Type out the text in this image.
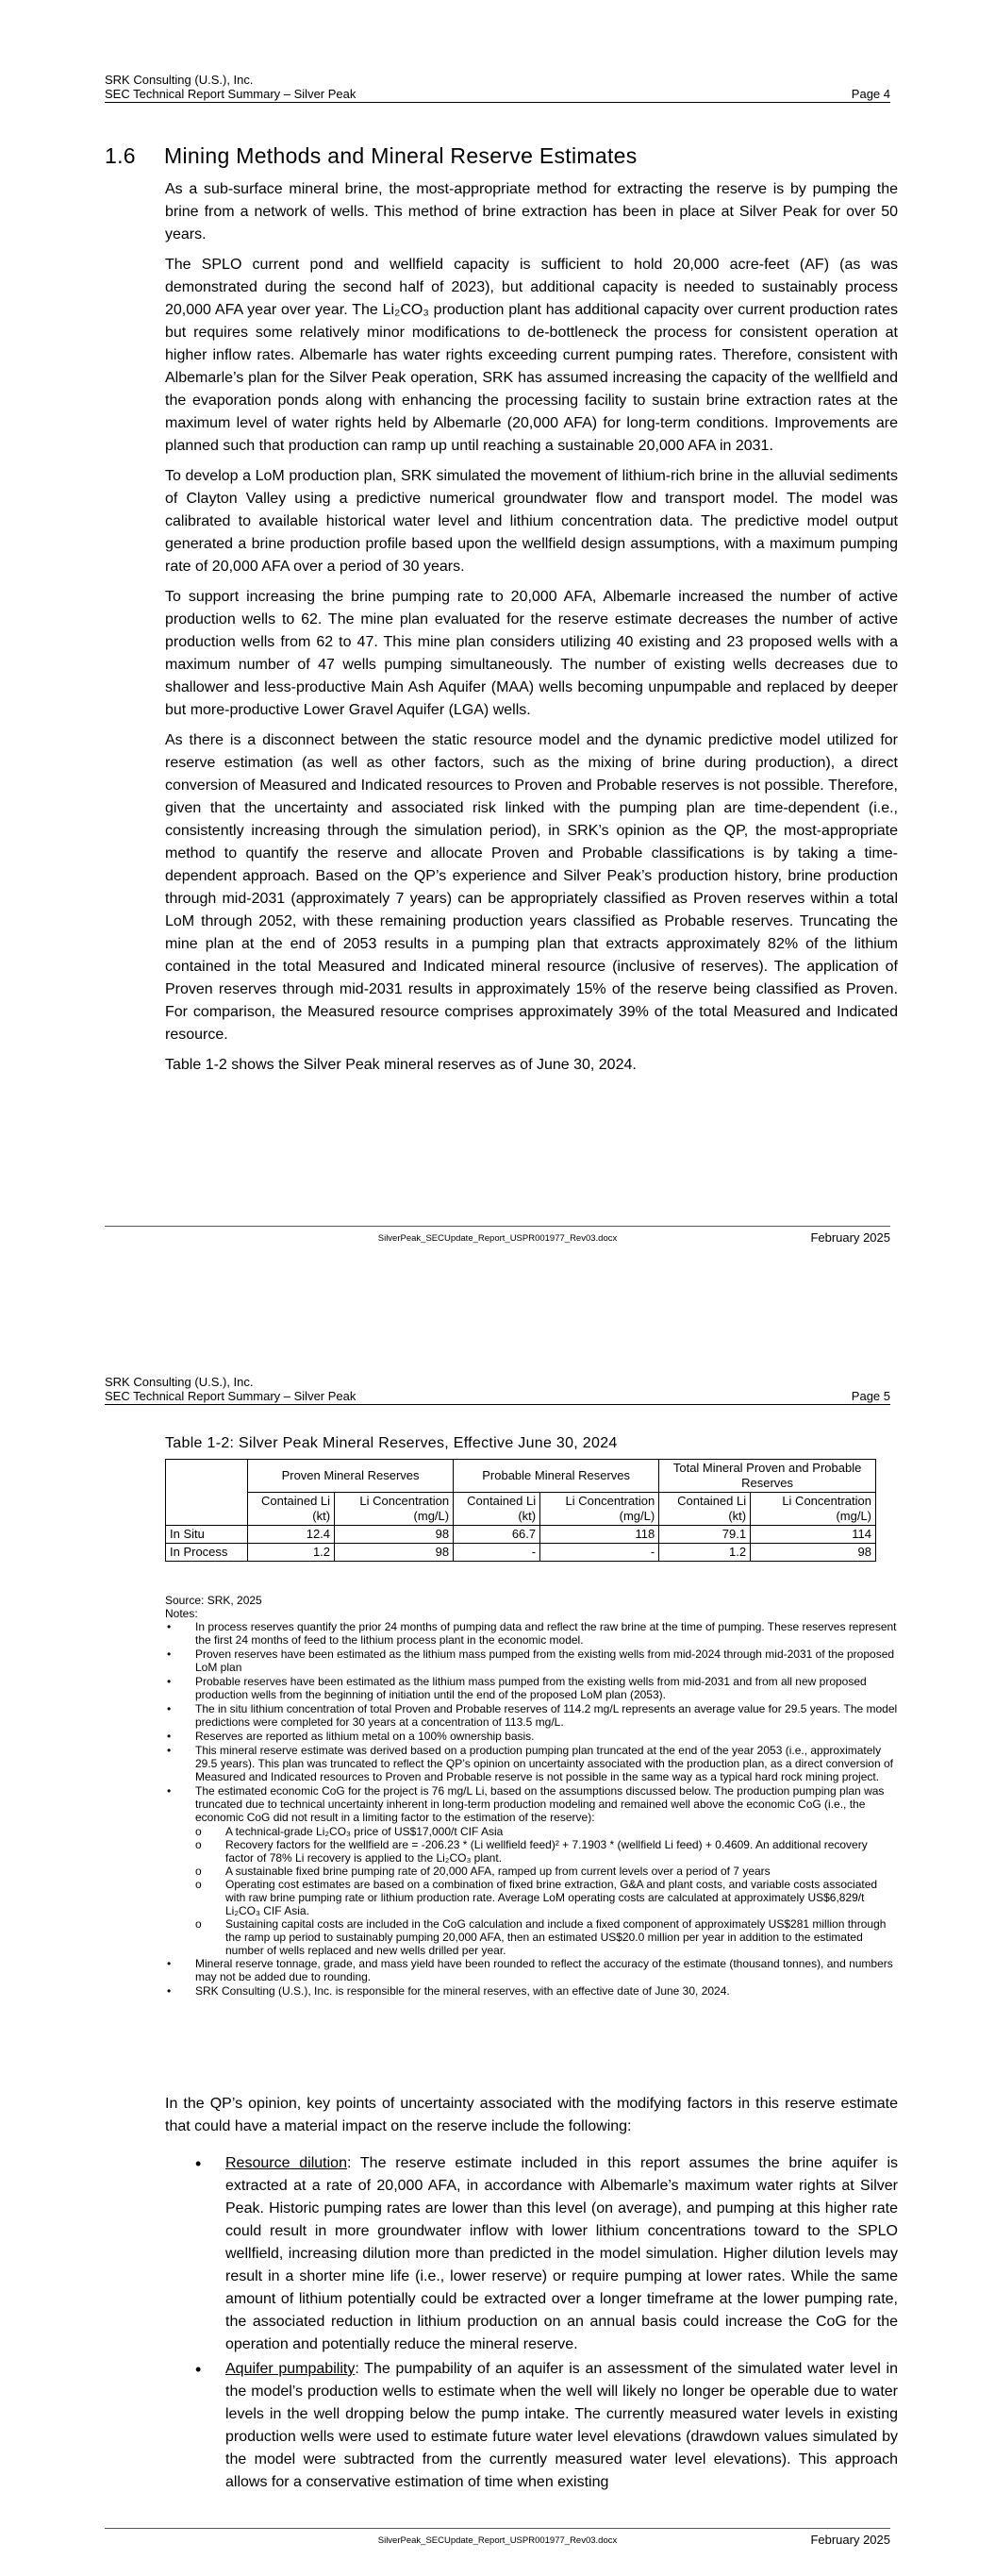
SRK Consulting (U.S.), Inc.
SEC Technical Report Summary – Silver Peak	Page 4
1.6 Mining Methods and Mineral Reserve Estimates

As a sub-surface mineral brine, the most-appropriate method for extracting the reserve is by pumping the brine from a network of wells. This method of brine extraction has been in place at Silver Peak for over 50 years.

The SPLO current pond and wellfield capacity is sufficient to hold 20,000 acre-feet (AF) (as was demonstrated during the second half of 2023), but additional capacity is needed to sustainably process 20,000 AFA year over year. The Li₂CO₃ production plant has additional capacity over current production rates but requires some relatively minor modifications to de-bottleneck the process for consistent operation at higher inflow rates. Albemarle has water rights exceeding current pumping rates. Therefore, consistent with Albemarle’s plan for the Silver Peak operation, SRK has assumed increasing the capacity of the wellfield and the evaporation ponds along with enhancing the processing facility to sustain brine extraction rates at the maximum level of water rights held by Albemarle (20,000 AFA) for long-term conditions. Improvements are planned such that production can ramp up until reaching a sustainable 20,000 AFA in 2031.

To develop a LoM production plan, SRK simulated the movement of lithium-rich brine in the alluvial sediments of Clayton Valley using a predictive numerical groundwater flow and transport model. The model was calibrated to available historical water level and lithium concentration data. The predictive model output generated a brine production profile based upon the wellfield design assumptions, with a maximum pumping rate of 20,000 AFA over a period of 30 years.

To support increasing the brine pumping rate to 20,000 AFA, Albemarle increased the number of active production wells to 62. The mine plan evaluated for the reserve estimate decreases the number of active production wells from 62 to 47. This mine plan considers utilizing 40 existing and 23 proposed wells with a maximum number of 47 wells pumping simultaneously. The number of existing wells decreases due to shallower and less-productive Main Ash Aquifer (MAA) wells becoming unpumpable and replaced by deeper but more-productive Lower Gravel Aquifer (LGA) wells.

As there is a disconnect between the static resource model and the dynamic predictive model utilized for reserve estimation (as well as other factors, such as the mixing of brine during production), a direct conversion of Measured and Indicated resources to Proven and Probable reserves is not possible. Therefore, given that the uncertainty and associated risk linked with the pumping plan are time-dependent (i.e., consistently increasing through the simulation period), in SRK’s opinion as the QP, the most-appropriate method to quantify the reserve and allocate Proven and Probable classifications is by taking a time-dependent approach. Based on the QP’s experience and Silver Peak’s production history, brine production through mid-2031 (approximately 7 years) can be appropriately classified as Proven reserves within a total LoM through 2052, with these remaining production years classified as Probable reserves. Truncating the mine plan at the end of 2053 results in a pumping plan that extracts approximately 82% of the lithium contained in the total Measured and Indicated mineral resource (inclusive of reserves). The application of Proven reserves through mid-2031 results in approximately 15% of the reserve being classified as Proven. For comparison, the Measured resource comprises approximately 39% of the total Measured and Indicated resource.

Table 1-2 shows the Silver Peak mineral reserves as of June 30, 2024.

SilverPeak_SECUpdate_Report_USPR001977_Rev03.docx	February 2025
SRK Consulting (U.S.), Inc.
SEC Technical Report Summary – Silver Peak	Page 5
Table 1-2: Silver Peak Mineral Reserves, Effective June 30, 2024
	Proven Mineral Reserves		Probable Mineral Reserves		Total Mineral Proven and Probable Reserves	
	Contained Li (kt)	Li Concentration (mg/L)	Contained Li (kt)	Li Concentration (mg/L)	Contained Li (kt)	Li Concentration (mg/L)
In Situ	12.4	98	66.7	118	79.1	114
In Process	1.2	98	-	-	1.2	98
Source: SRK, 2025
Notes:
• In process reserves quantify the prior 24 months of pumping data and reflect the raw brine at the time of pumping. These reserves represent the first 24 months of feed to the lithium process plant in the economic model.
• Proven reserves have been estimated as the lithium mass pumped from the existing wells from mid-2024 through mid-2031 of the proposed LoM plan
• Probable reserves have been estimated as the lithium mass pumped from the existing wells from mid-2031 and from all new proposed production wells from the beginning of initiation until the end of the proposed LoM plan (2053).
• The in situ lithium concentration of total Proven and Probable reserves of 114.2 mg/L represents an average value for 29.5 years. The model predictions were completed for 30 years at a concentration of 113.5 mg/L.
• Reserves are reported as lithium metal on a 100% ownership basis.
• This mineral reserve estimate was derived based on a production pumping plan truncated at the end of the year 2053 (i.e., approximately 29.5 years). This plan was truncated to reflect the QP’s opinion on uncertainty associated with the production plan, as a direct conversion of Measured and Indicated resources to Proven and Probable reserve is not possible in the same way as a typical hard rock mining project.
• The estimated economic CoG for the project is 76 mg/L Li, based on the assumptions discussed below. The production pumping plan was truncated due to technical uncertainty inherent in long-term production modeling and remained well above the economic CoG (i.e., the economic CoG did not result in a limiting factor to the estimation of the reserve):
o A technical-grade Li₂CO₃ price of US$17,000/t CIF Asia
o Recovery factors for the wellfield are = -206.23 * (Li wellfield feed)² + 7.1903 * (wellfield Li feed) + 0.4609. An additional recovery factor of 78% Li recovery is applied to the Li₂CO₃ plant.
o A sustainable fixed brine pumping rate of 20,000 AFA, ramped up from current levels over a period of 7 years
o Operating cost estimates are based on a combination of fixed brine extraction, G&A and plant costs, and variable costs associated with raw brine pumping rate or lithium production rate. Average LoM operating costs are calculated at approximately US$6,829/t Li₂CO₃ CIF Asia.
o Sustaining capital costs are included in the CoG calculation and include a fixed component of approximately US$281 million through the ramp up period to sustainably pumping 20,000 AFA, then an estimated US$20.0 million per year in addition to the estimated number of wells replaced and new wells drilled per year.
• Mineral reserve tonnage, grade, and mass yield have been rounded to reflect the accuracy of the estimate (thousand tonnes), and numbers may not be added due to rounding.
• SRK Consulting (U.S.), Inc. is responsible for the mineral reserves, with an effective date of June 30, 2024.
In the QP’s opinion, key points of uncertainty associated with the modifying factors in this reserve estimate that could have a material impact on the reserve include the following:
• Resource dilution: The reserve estimate included in this report assumes the brine aquifer is extracted at a rate of 20,000 AFA, in accordance with Albemarle’s maximum water rights at Silver Peak. Historic pumping rates are lower than this level (on average), and pumping at this higher rate could result in more groundwater inflow with lower lithium concentrations toward to the SPLO wellfield, increasing dilution more than predicted in the model simulation. Higher dilution levels may result in a shorter mine life (i.e., lower reserve) or require pumping at lower rates. While the same amount of lithium potentially could be extracted over a longer timeframe at the lower pumping rate, the associated reduction in lithium production on an annual basis could increase the CoG for the operation and potentially reduce the mineral reserve.
• Aquifer pumpability: The pumpability of an aquifer is an assessment of the simulated water level in the model’s production wells to estimate when the well will likely no longer be operable due to water levels in the well dropping below the pump intake. The currently measured water levels in existing production wells were used to estimate future water level elevations (drawdown values simulated by the model were subtracted from the currently measured water level elevations). This approach allows for a conservative estimation of time when existing
SilverPeak_SECUpdate_Report_USPR001977_Rev03.docx	February 2025
